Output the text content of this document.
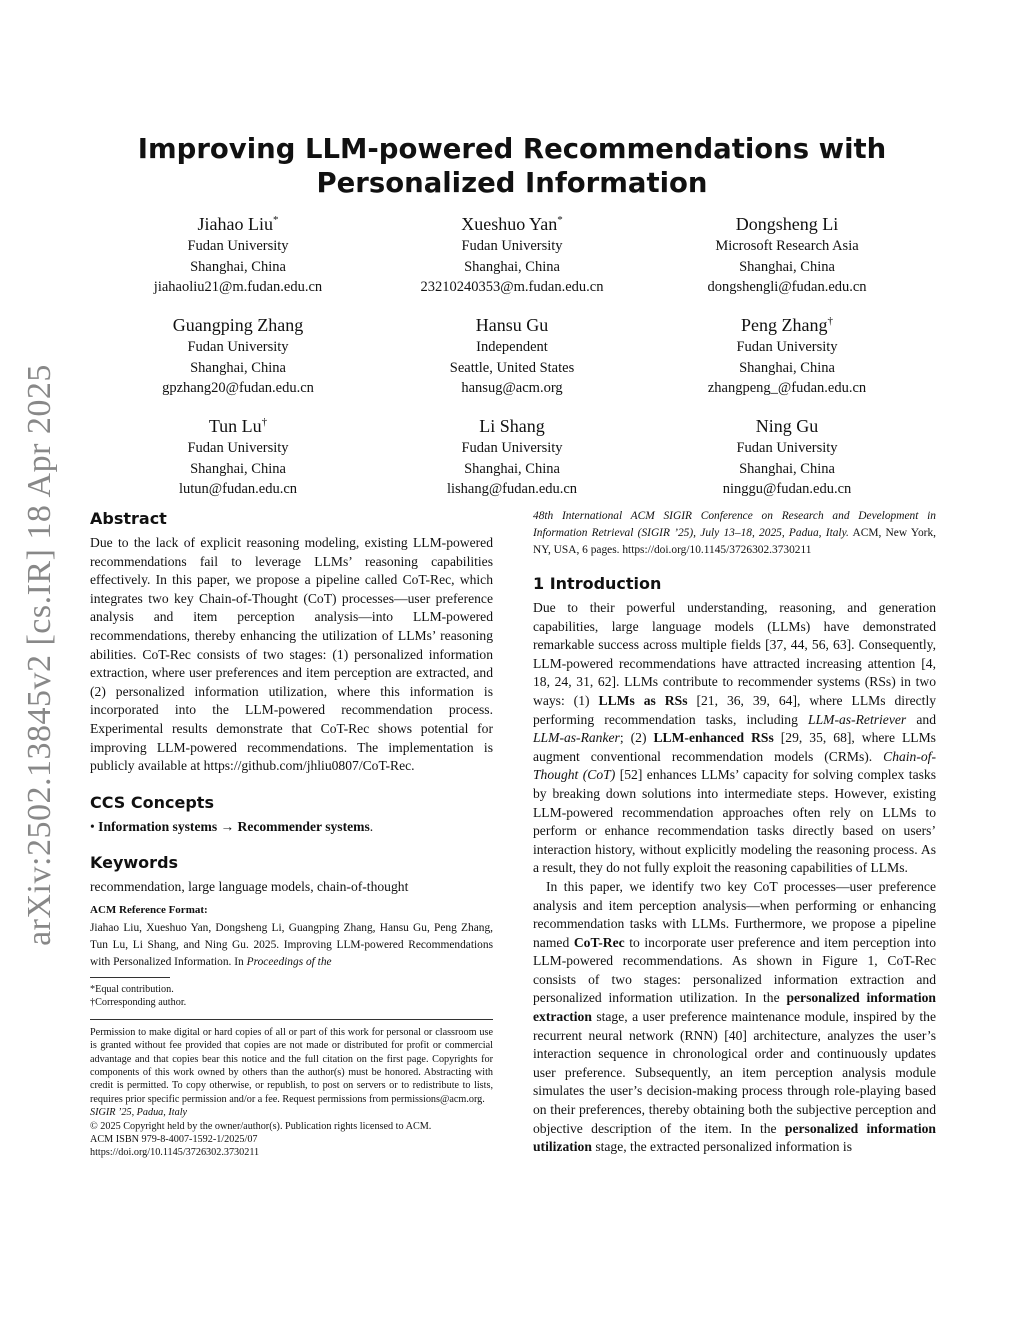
arXiv:2502.13845v2 [cs.IR] 18 Apr 2025
Improving LLM-powered Recommendations with Personalized Information
Jiahao Liu*
Fudan University
Shanghai, China
jiahaoliu21@m.fudan.edu.cn
Xueshuo Yan*
Fudan University
Shanghai, China
23210240353@m.fudan.edu.cn
Dongsheng Li
Microsoft Research Asia
Shanghai, China
dongshengli@fudan.edu.cn
Guangping Zhang
Fudan University
Shanghai, China
gpzhang20@fudan.edu.cn
Hansu Gu
Independent
Seattle, United States
hansug@acm.org
Peng Zhang†
Fudan University
Shanghai, China
zhangpeng_@fudan.edu.cn
Tun Lu†
Fudan University
Shanghai, China
lutun@fudan.edu.cn
Li Shang
Fudan University
Shanghai, China
lishang@fudan.edu.cn
Ning Gu
Fudan University
Shanghai, China
ninggu@fudan.edu.cn
Abstract

Due to the lack of explicit reasoning modeling, existing LLM-powered recommendations fail to leverage LLMs’ reasoning capabilities effectively. In this paper, we propose a pipeline called CoT-Rec, which integrates two key Chain-of-Thought (CoT) processes—user preference analysis and item perception analysis—into LLM-powered recommendations, thereby enhancing the utilization of LLMs’ reasoning abilities. CoT-Rec consists of two stages: (1) personalized information extraction, where user preferences and item perception are extracted, and (2) personalized information utilization, where this information is incorporated into the LLM-powered recommendation process. Experimental results demonstrate that CoT-Rec shows potential for improving LLM-powered recommendations. The implementation is publicly available at https://github.com/jhliu0807/CoT-Rec.

CCS Concepts

• Information systems → Recommender systems.

Keywords

recommendation, large language models, chain-of-thought

ACM Reference Format:

Jiahao Liu, Xueshuo Yan, Dongsheng Li, Guangping Zhang, Hansu Gu, Peng Zhang, Tun Lu, Li Shang, and Ning Gu. 2025. Improving LLM-powered Recommendations with Personalized Information. In Proceedings of the

*Equal contribution.
†Corresponding author.

Permission to make digital or hard copies of all or part of this work for personal or classroom use is granted without fee provided that copies are not made or distributed for profit or commercial advantage and that copies bear this notice and the full citation on the first page. Copyrights for components of this work owned by others than the author(s) must be honored. Abstracting with credit is permitted. To copy otherwise, or republish, to post on servers or to redistribute to lists, requires prior specific permission and/or a fee. Request permissions from permissions@acm.org.

SIGIR ’25, Padua, Italy
© 2025 Copyright held by the owner/author(s). Publication rights licensed to ACM.
ACM ISBN 979-8-4007-1592-1/2025/07
https://doi.org/10.1145/3726302.3730211

48th International ACM SIGIR Conference on Research and Development in Information Retrieval (SIGIR ’25), July 13–18, 2025, Padua, Italy. ACM, New York, NY, USA, 6 pages. https://doi.org/10.1145/3726302.3730211

1 Introduction

Due to their powerful understanding, reasoning, and generation capabilities, large language models (LLMs) have demonstrated remarkable success across multiple fields [37, 44, 56, 63]. Consequently, LLM-powered recommendations have attracted increasing attention [4, 18, 24, 31, 62]. LLMs contribute to recommender systems (RSs) in two ways: (1) LLMs as RSs [21, 36, 39, 64], where LLMs directly performing recommendation tasks, including LLM-as-Retriever and LLM-as-Ranker; (2) LLM-enhanced RSs [29, 35, 68], where LLMs augment conventional recommendation models (CRMs). Chain-of-Thought (CoT) [52] enhances LLMs’ capacity for solving complex tasks by breaking down solutions into intermediate steps. However, existing LLM-powered recommendation approaches often rely on LLMs to perform or enhance recommendation tasks directly based on users’ interaction history, without explicitly modeling the reasoning process. As a result, they do not fully exploit the reasoning capabilities of LLMs.

In this paper, we identify two key CoT processes—user preference analysis and item perception analysis—when performing or enhancing recommendation tasks with LLMs. Furthermore, we propose a pipeline named CoT-Rec to incorporate user preference and item perception into LLM-powered recommendations. As shown in Figure 1, CoT-Rec consists of two stages: personalized information extraction and personalized information utilization. In the personalized information extraction stage, a user preference maintenance module, inspired by the recurrent neural network (RNN) [40] architecture, analyzes the user’s interaction sequence in chronological order and continuously updates user preference. Subsequently, an item perception analysis module simulates the user’s decision-making process through role-playing based on their preferences, thereby obtaining both the subjective perception and objective description of the item. In the personalized information utilization stage, the extracted personalized information is
